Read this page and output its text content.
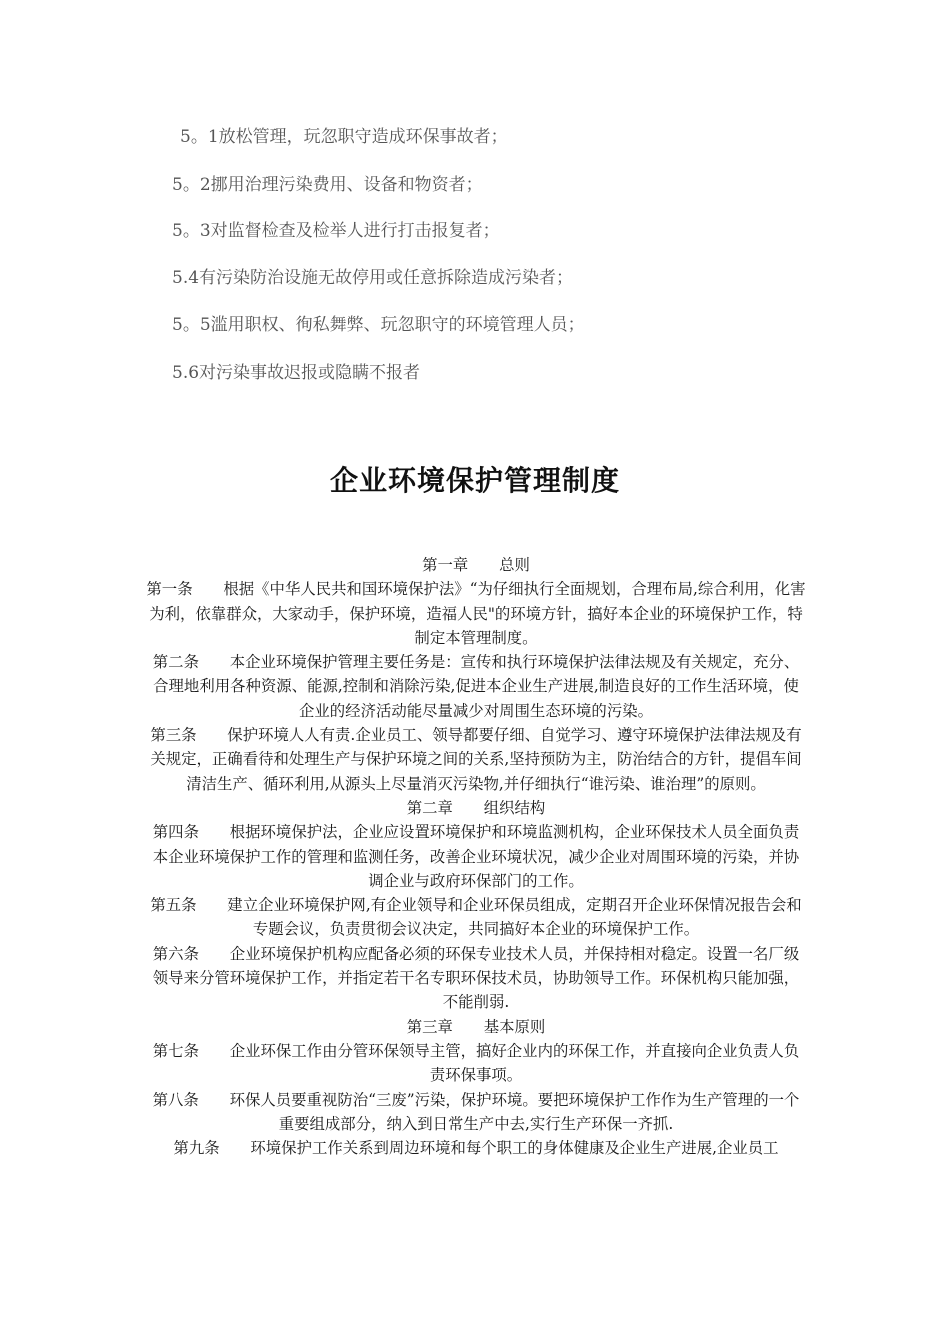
5。1放松管理，玩忽职守造成环保事故者；
5。2挪用治理污染费用、设备和物资者；
5。3对监督检查及检举人进行打击报复者；
5.4有污染防治设施无故停用或任意拆除造成污染者；
5。5滥用职权、徇私舞弊、玩忽职守的环境管理人员；
5.6对污染事故迟报或隐瞒不报者
企业环境保护管理制度
第一章　　总则
第一条　　根据《中华人民共和国环境保护法》“为仔细执行全面规划，合理布局,综合利用，化害为利，依靠群众，大家动手，保护环境，造福人民"的环境方针，搞好本企业的环境保护工作，特制定本管理制度。
第二条　　本企业环境保护管理主要任务是：宣传和执行环境保护法律法规及有关规定，充分、合理地利用各种资源、能源,控制和消除污染,促进本企业生产进展,制造良好的工作生活环境，使企业的经济活动能尽量减少对周围生态环境的污染。
第三条　　保护环境人人有责.企业员工、领导都要仔细、自觉学习、遵守环境保护法律法规及有关规定，正确看待和处理生产与保护环境之间的关系,坚持预防为主，防治结合的方针，提倡车间清洁生产、循环利用,从源头上尽量消灭污染物,并仔细执行“谁污染、谁治理”的原则。
第二章　　组织结构
第四条　　根据环境保护法，企业应设置环境保护和环境监测机构，企业环保技术人员全面负责本企业环境保护工作的管理和监测任务，改善企业环境状况，减少企业对周围环境的污染，并协调企业与政府环保部门的工作。
第五条　　建立企业环境保护网,有企业领导和企业环保员组成，定期召开企业环保情况报告会和专题会议，负责贯彻会议决定，共同搞好本企业的环境保护工作。
第六条　　企业环境保护机构应配备必须的环保专业技术人员，并保持相对稳定。设置一名厂级领导来分管环境保护工作，并指定若干名专职环保技术员，协助领导工作。环保机构只能加强，不能削弱.
第三章　　基本原则
第七条　　企业环保工作由分管环保领导主管，搞好企业内的环保工作，并直接向企业负责人负责环保事项。
第八条　　环保人员要重视防治“三废”污染，保护环境。要把环境保护工作作为生产管理的一个重要组成部分，纳入到日常生产中去,实行生产环保一齐抓.
第九条　　环境保护工作关系到周边环境和每个职工的身体健康及企业生产进展,企业员工
